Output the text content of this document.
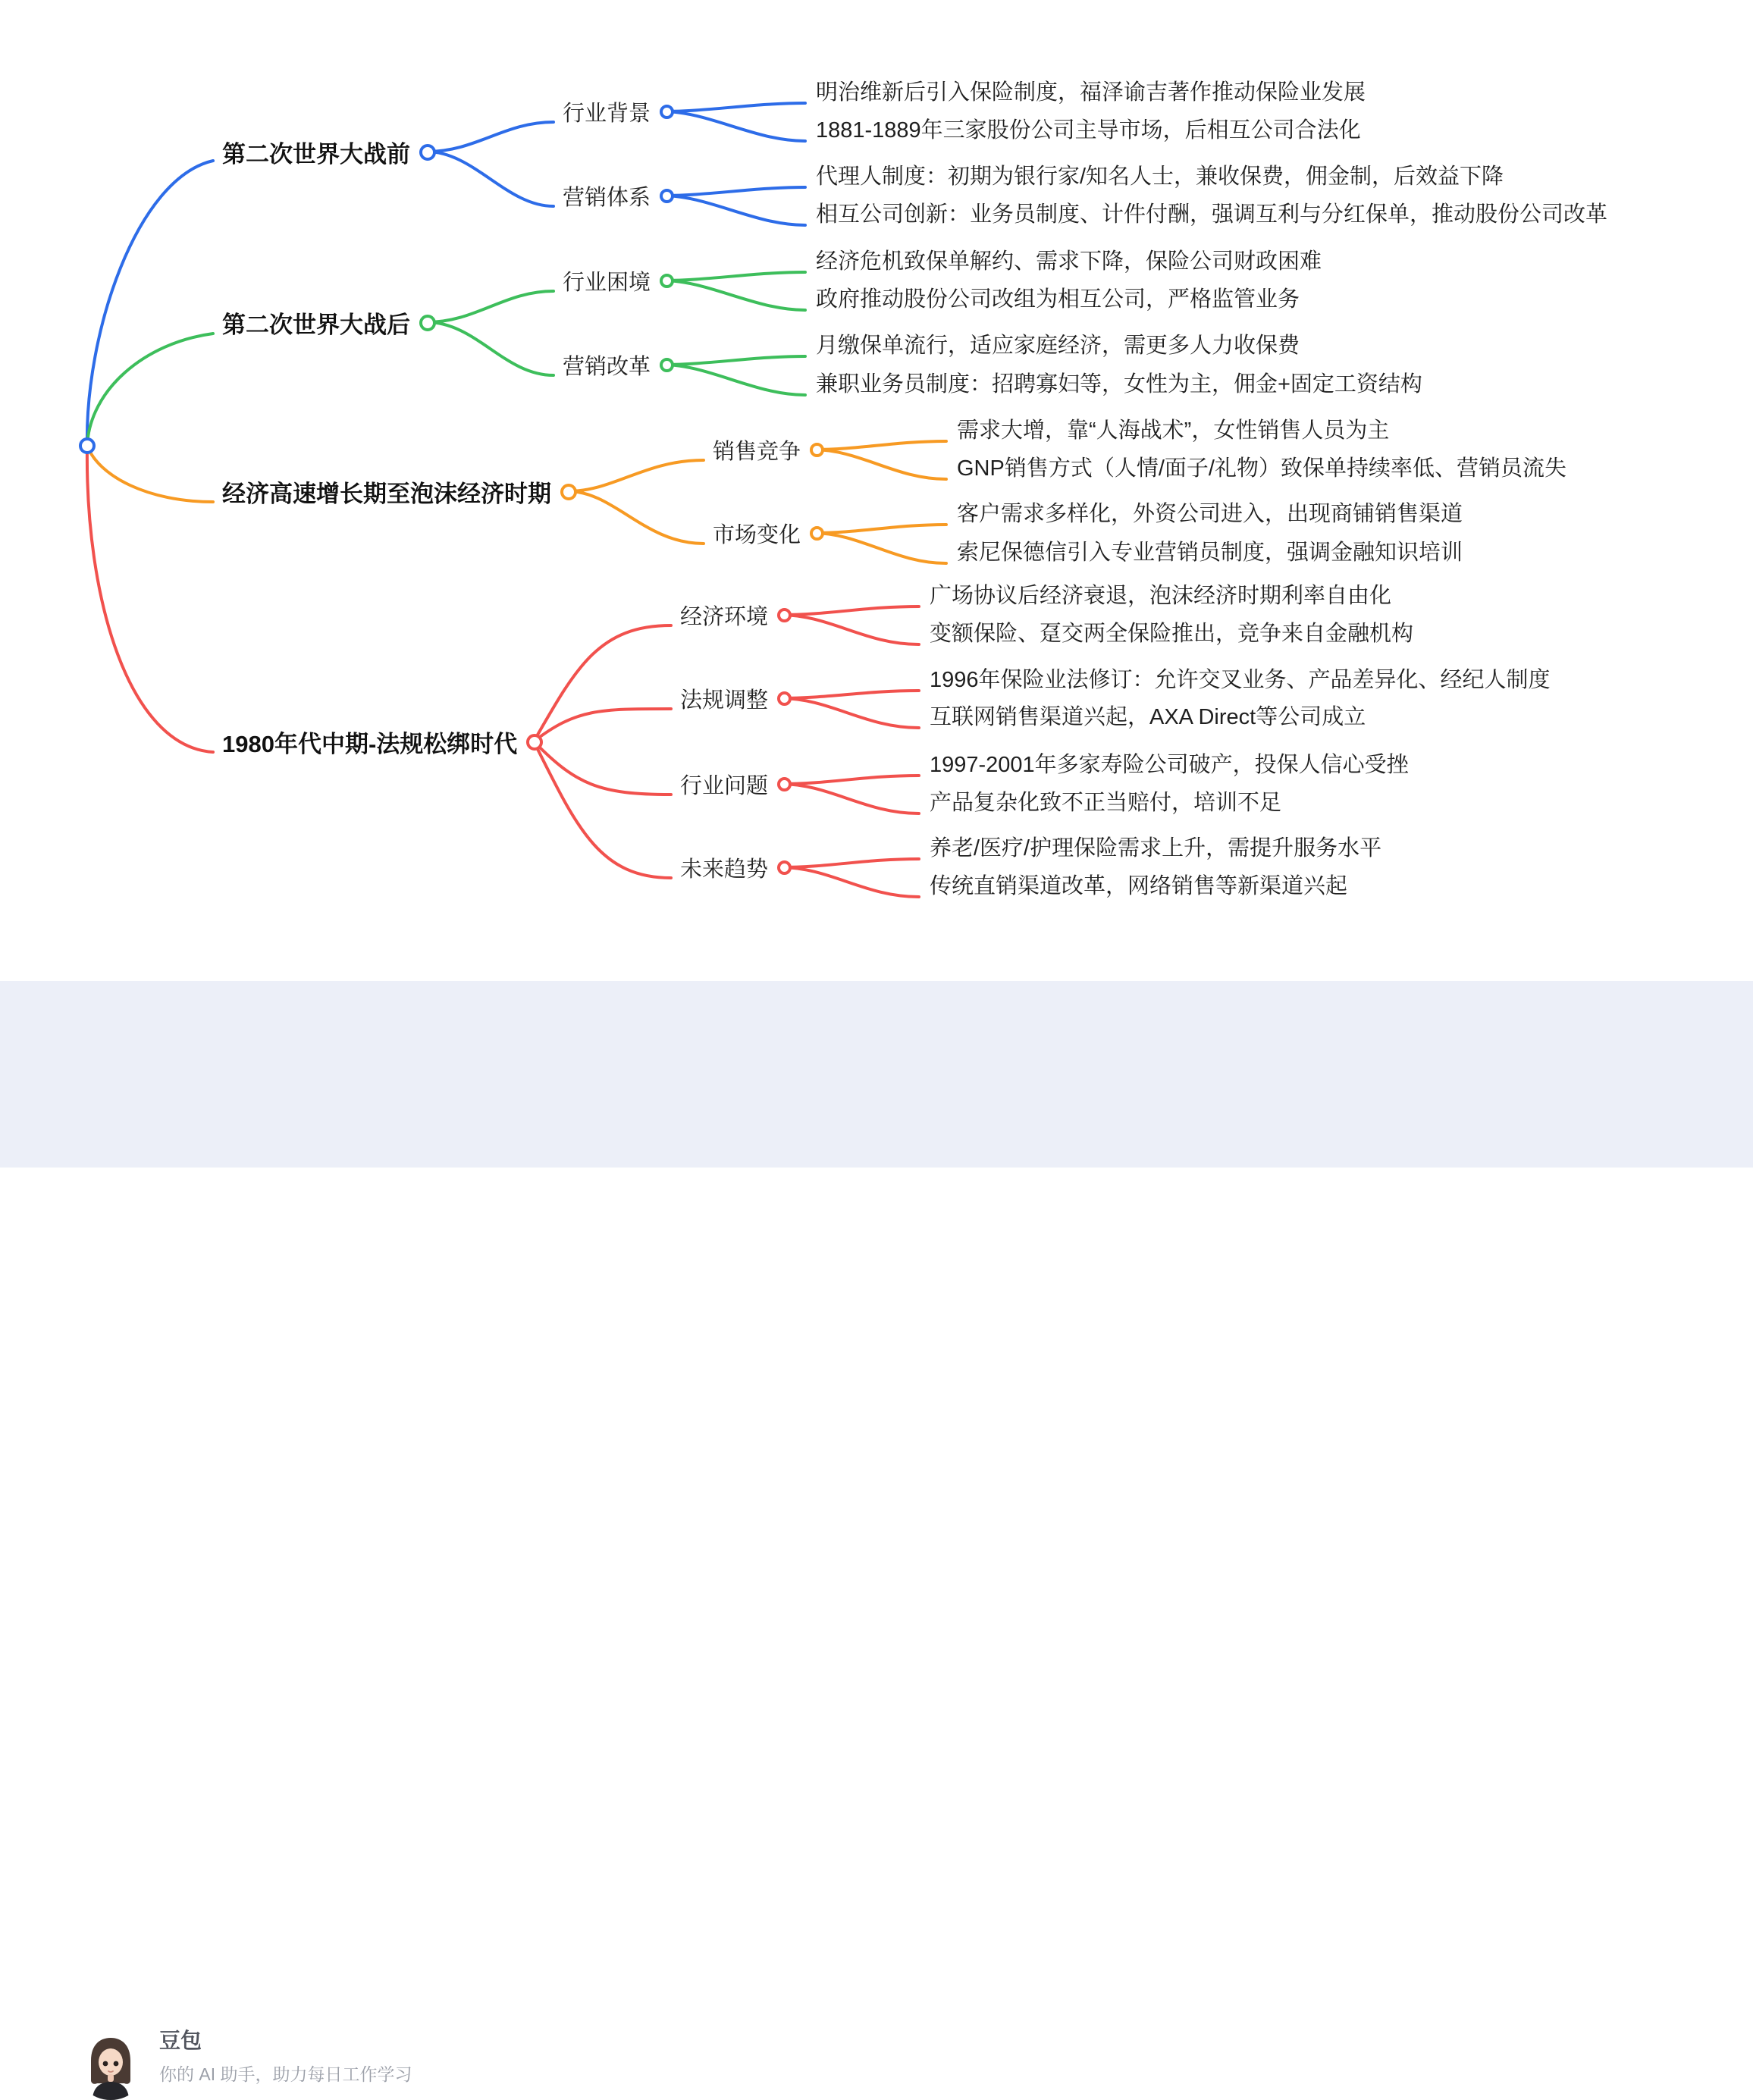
第二次世界大战前
第二次世界大战后
经济高速增长期至泡沫经济时期
1980年代中期-法规松绑时代
行业背景
营销体系
行业困境
营销改革
销售竞争
市场变化
经济环境
法规调整
行业问题
未来趋势
明治维新后引入保险制度，福泽谕吉著作推动保险业发展
1881-1889年三家股份公司主导市场，后相互公司合法化
代理人制度：初期为银行家/知名人士，兼收保费，佣金制，后效益下降
相互公司创新：业务员制度、计件付酬，强调互利与分红保单，推动股份公司改革
经济危机致保单解约、需求下降，保险公司财政困难
政府推动股份公司改组为相互公司，严格监管业务
月缴保单流行，适应家庭经济，需更多人力收保费
兼职业务员制度：招聘寡妇等，女性为主，佣金+固定工资结构
需求大增，靠“人海战术”，女性销售人员为主
GNP销售方式（人情/面子/礼物）致保单持续率低、营销员流失
客户需求多样化，外资公司进入，出现商铺销售渠道
索尼保德信引入专业营销员制度，强调金融知识培训
广场协议后经济衰退，泡沫经济时期利率自由化
变额保险、趸交两全保险推出，竞争来自金融机构
1996年保险业法修订：允许交叉业务、产品差异化、经纪人制度
互联网销售渠道兴起，AXA Direct等公司成立
1997-2001年多家寿险公司破产，投保人信心受挫
产品复杂化致不正当赔付，培训不足
养老/医疗/护理保险需求上升，需提升服务水平
传统直销渠道改革，网络销售等新渠道兴起
豆包
你的 AI 助手，助力每日工作学习
